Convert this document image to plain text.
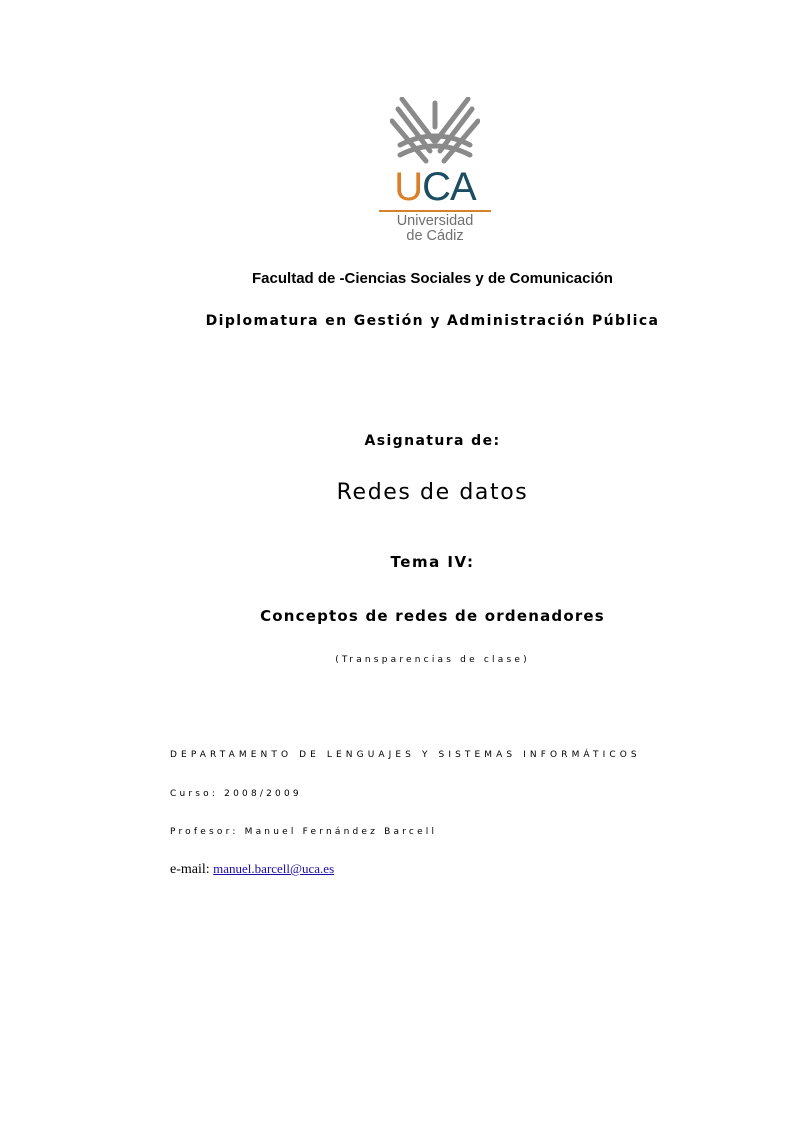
UCA
Universidad
de Cádiz
Facultad de -Ciencias Sociales y de Comunicación
Diplomatura en Gestión y Administración Pública
Asignatura de:
Redes de datos
Tema IV:
Conceptos de redes de ordenadores
(Transparencias de clase)
DEPARTAMENTO DE LENGUAJES Y SISTEMAS INFORMÁTICOS
Curso: 2008/2009
Profesor: Manuel Fernández Barcell
e-mail: manuel.barcell@uca.es
